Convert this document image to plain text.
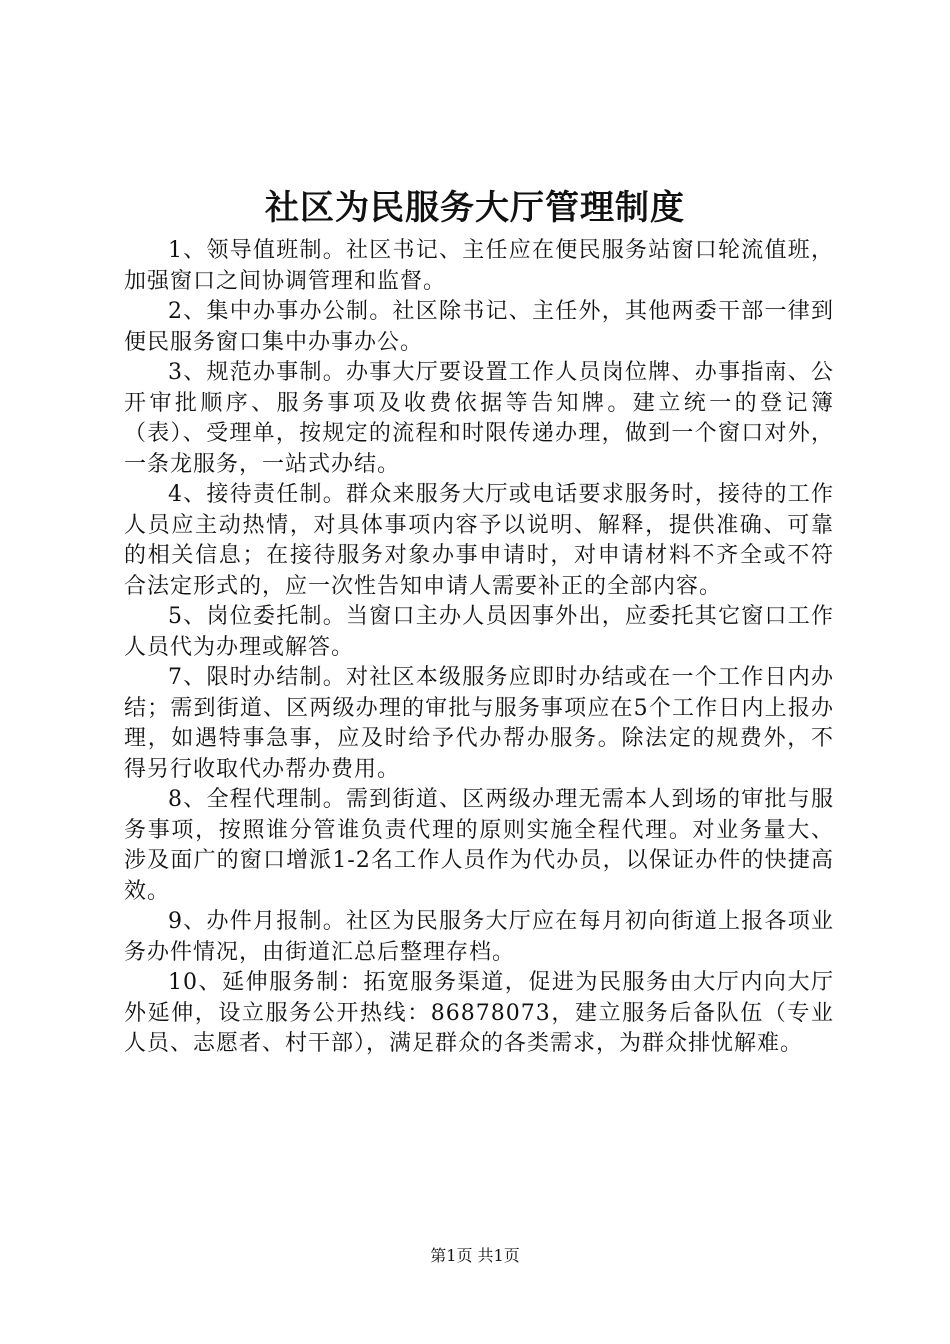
社区为民服务大厅管理制度

1、领导值班制。社区书记、主任应在便民服务站窗口轮流值班，加强窗口之间协调管理和监督。

2、集中办事办公制。社区除书记、主任外，其他两委干部一律到便民服务窗口集中办事办公。

3、规范办事制。办事大厅要设置工作人员岗位牌、办事指南、公开审批顺序、服务事项及收费依据等告知牌。建立统一的登记簿（表）、受理单，按规定的流程和时限传递办理，做到一个窗口对外，一条龙服务，一站式办结。

4、接待责任制。群众来服务大厅或电话要求服务时，接待的工作人员应主动热情，对具体事项内容予以说明、解释，提供准确、可靠的相关信息；在接待服务对象办事申请时，对申请材料不齐全或不符合法定形式的，应一次性告知申请人需要补正的全部内容。

5、岗位委托制。当窗口主办人员因事外出，应委托其它窗口工作人员代为办理或解答。

7、限时办结制。对社区本级服务应即时办结或在一个工作日内办结；需到街道、区两级办理的审批与服务事项应在5个工作日内上报办理，如遇特事急事，应及时给予代办帮办服务。除法定的规费外，不得另行收取代办帮办费用。

8、全程代理制。需到街道、区两级办理无需本人到场的审批与服务事项，按照谁分管谁负责代理的原则实施全程代理。对业务量大、涉及面广的窗口增派1-2名工作人员作为代办员，以保证办件的快捷高效。

9、办件月报制。社区为民服务大厅应在每月初向街道上报各项业务办件情况，由街道汇总后整理存档。

10、延伸服务制：拓宽服务渠道，促进为民服务由大厅内向大厅外延伸，设立服务公开热线：86878073，建立服务后备队伍（专业人员、志愿者、村干部），满足群众的各类需求，为群众排忧解难。

第1页 共1页
